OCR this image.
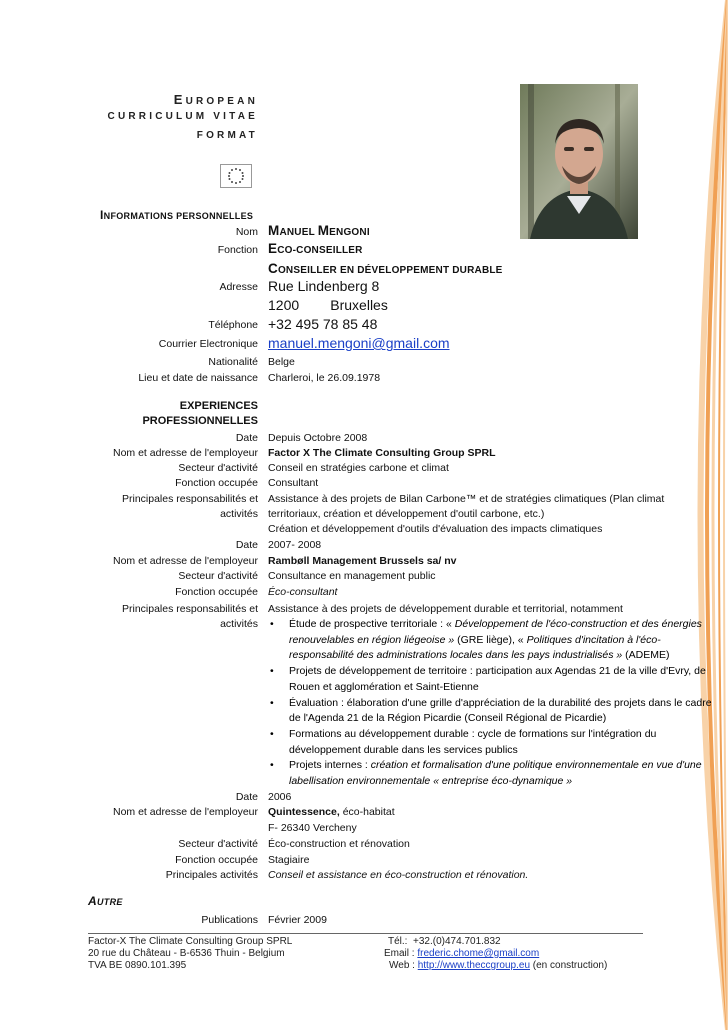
EUROPEAN
CURRICULUM VITAE
FORMAT
INFORMATIONS PERSONNELLES
Nom MANUEL MENGONI
Fonction ECO-CONSEILLER
CONSEILLER EN DÉVELOPPEMENT DURABLE
Adresse Rue Lindenberg 8
1200        Bruxelles
Téléphone +32 495 78 85 48
Courrier Electronique manuel.mengoni@gmail.com
Nationalité Belge
Lieu et date de naissance Charleroi, le 26.09.1978
EXPERIENCES
PROFESSIONNELLES
Date Depuis Octobre 2008
Nom et adresse de l'employeur Factor X The Climate Consulting Group SPRL
Secteur d'activité Conseil en stratégies carbone et climat
Fonction occupée Consultant
Principales responsabilités et
activités
Assistance à des projets de Bilan Carbone™ et de stratégies climatiques (Plan climat
territoriaux, création et développement d'outil carbone, etc.)
Création et développement d'outils d'évaluation des impacts climatiques
Date 2007- 2008
Nom et adresse de l'employeur Rambøll Management Brussels sa/ nv
Secteur d'activité Consultance en management public
Fonction occupée Éco-consultant
Principales responsabilités et
activités
Assistance à des projets de développement durable et territorial, notamment
• Étude de prospective territoriale : « Développement de l'éco-construction et des énergies
renouvelables en région liégeoise » (GRE liège), « Politiques d'incitation à l'éco-
responsabilité des administrations locales dans les pays industrialisés » (ADEME)
• Projets de développement de territoire : participation aux Agendas 21 de la ville d'Evry, de
Rouen et agglomération et Saint-Etienne
• Évaluation : élaboration d'une grille d'appréciation de la durabilité des projets dans le cadre
de l'Agenda 21 de la Région Picardie (Conseil Régional de Picardie)
• Formations au développement durable : cycle de formations sur l'intégration du
développement durable dans les services publics
• Projets internes : création et formalisation d'une politique environnementale en vue d'une
labellisation environnementale « entreprise éco-dynamique »
Date 2006
Nom et adresse de l'employeur Quintessence, éco-habitat
F- 26340 Vercheny
Secteur d'activité Éco-construction et rénovation
Fonction occupée Stagiaire
Principales activités Conseil et assistance en éco-construction et rénovation.
AUTRE
Publications Février 2009
Factor-X The Climate Consulting Group SPRL
20 rue du Château - B-6536 Thuin - Belgium
TVA BE 0890.101.395
Tél.:  +32.(0)474.701.832
Email : frederic.chome@gmail.com
Web : http://www.theccgroup.eu (en construction)
